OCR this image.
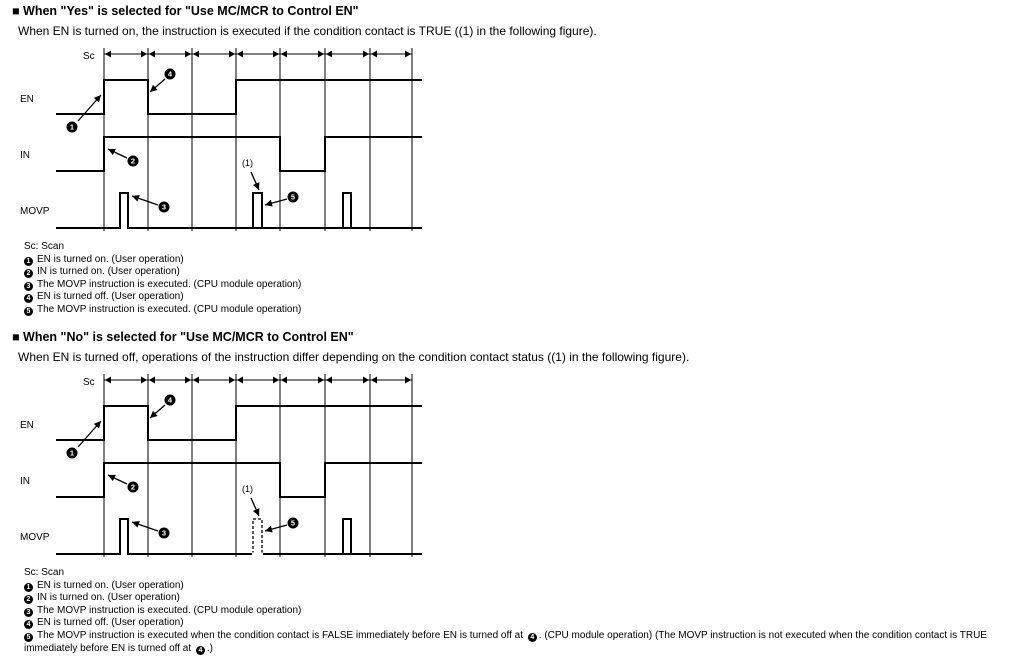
■ When "Yes" is selected for "Use MC/MCR to Control EN"
When EN is turned on, the instruction is executed if the condition contact is TRUE ((1) in the following figure).
EN
IN
MOVP
Sc
(1)
1
2
3
4
5
Sc: Scan
1 EN is turned on. (User operation)
2 IN is turned on. (User operation)
3 The MOVP instruction is executed. (CPU module operation)
4 EN is turned off. (User operation)
5 The MOVP instruction is executed. (CPU module operation)
■ When "No" is selected for "Use MC/MCR to Control EN"
When EN is turned off, operations of the instruction differ depending on the condition contact status ((1) in the following figure).
EN
IN
MOVP
Sc
(1)
1
2
3
4
5
Sc: Scan
1 EN is turned on. (User operation)
2 IN is turned on. (User operation)
3 The MOVP instruction is executed. (CPU module operation)
4 EN is turned off. (User operation)
5 The MOVP instruction is executed when the condition contact is FALSE immediately before EN is turned off at 4 . (CPU module operation) (The MOVP instruction is not executed when the condition contact is TRUE immediately before EN is turned off at 4 .)
